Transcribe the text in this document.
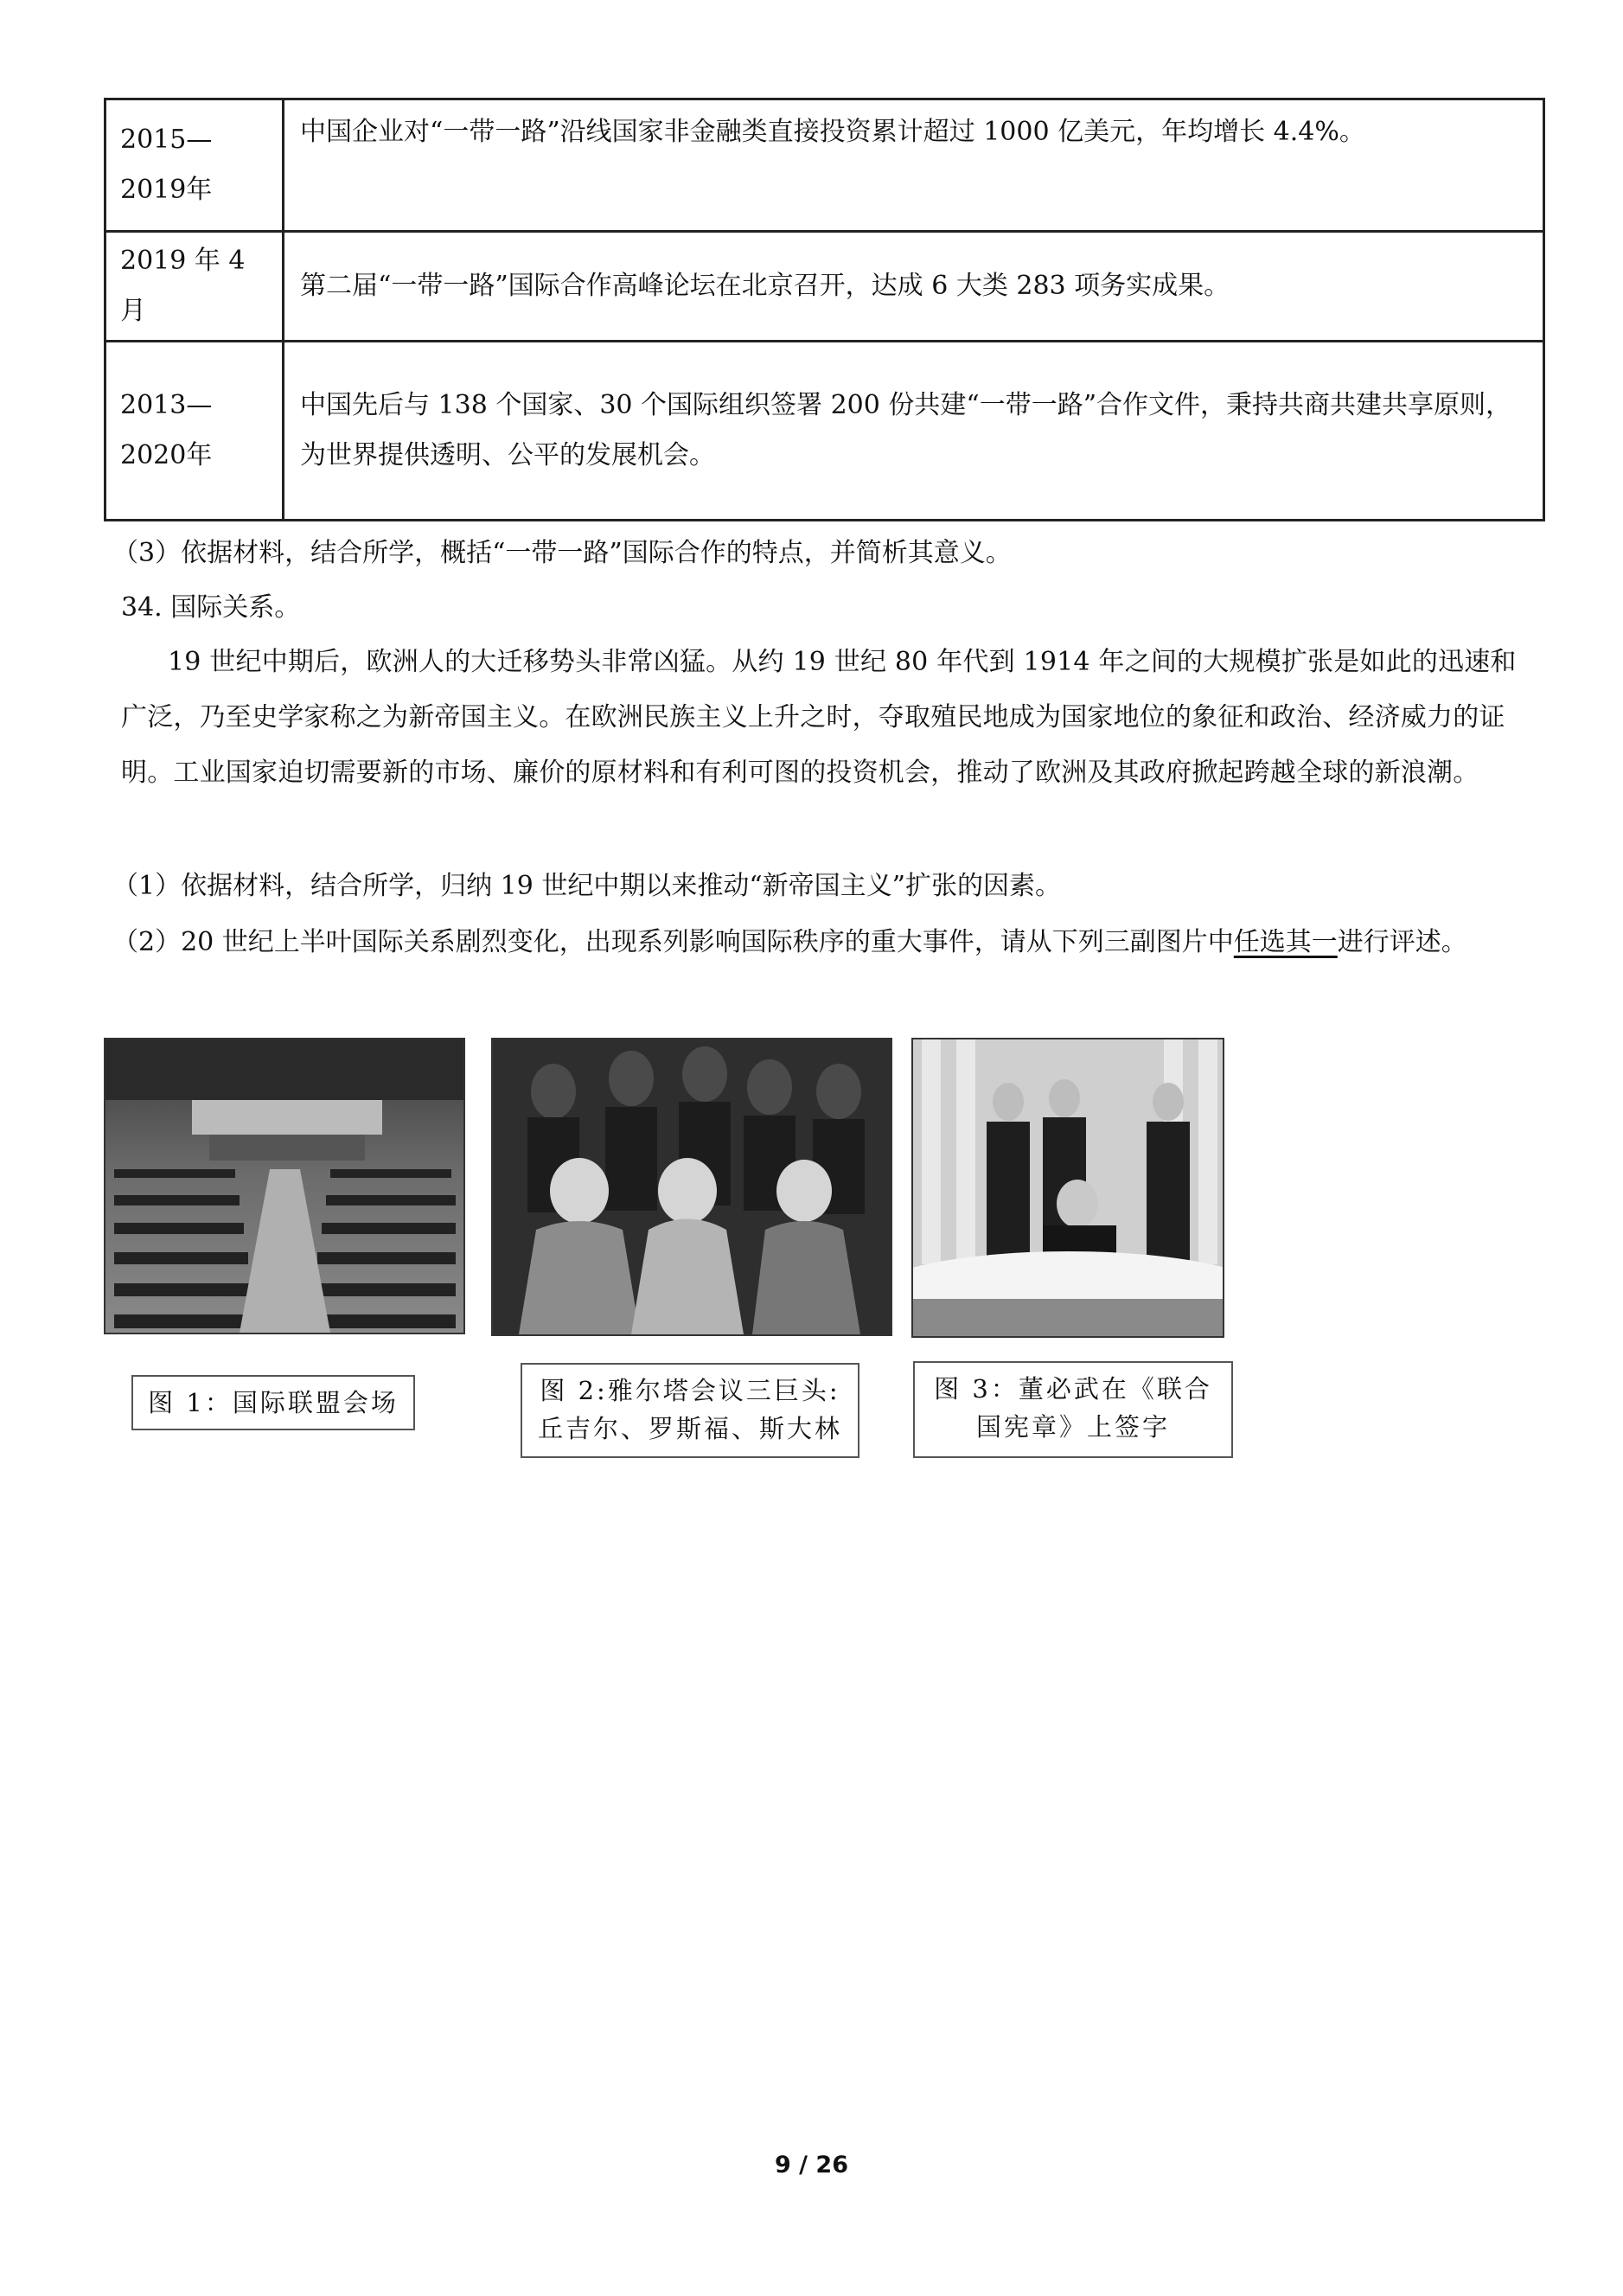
2015—2019年	中国企业对“一带一路”沿线国家非金融类直接投资累计超过 1000 亿美元，年均增长 4.4%。
2019 年 4 月	第二届“一带一路”国际合作高峰论坛在北京召开，达成 6 大类 283 项务实成果。
2013—2020年	中国先后与 138 个国家、30 个国际组织签署 200 份共建“一带一路”合作文件，秉持共商共建共享原则，为世界提供透明、公平的发展机会。
（3）依据材料，结合所学，概括“一带一路”国际合作的特点，并简析其意义。
34. 国际关系。
19 世纪中期后，欧洲人的大迁移势头非常凶猛。从约 19 世纪 80 年代到 1914 年之间的大规模扩张是如此的迅速和广泛，乃至史学家称之为新帝国主义。在欧洲民族主义上升之时，夺取殖民地成为国家地位的象征和政治、经济威力的证明。工业国家迫切需要新的市场、廉价的原材料和有利可图的投资机会，推动了欧洲及其政府掀起跨越全球的新浪潮。
（1）依据材料，结合所学，归纳 19 世纪中期以来推动“新帝国主义”扩张的因素。
（2）20 世纪上半叶国际关系剧烈变化，出现系列影响国际秩序的重大事件，请从下列三副图片中任选其一进行评述。
图 1：国际联盟会场	图 2:雅尔塔会议三巨头:丘吉尔、罗斯福、斯大林
图 3：董必武在《联合国宪章》上签字
9 / 26
